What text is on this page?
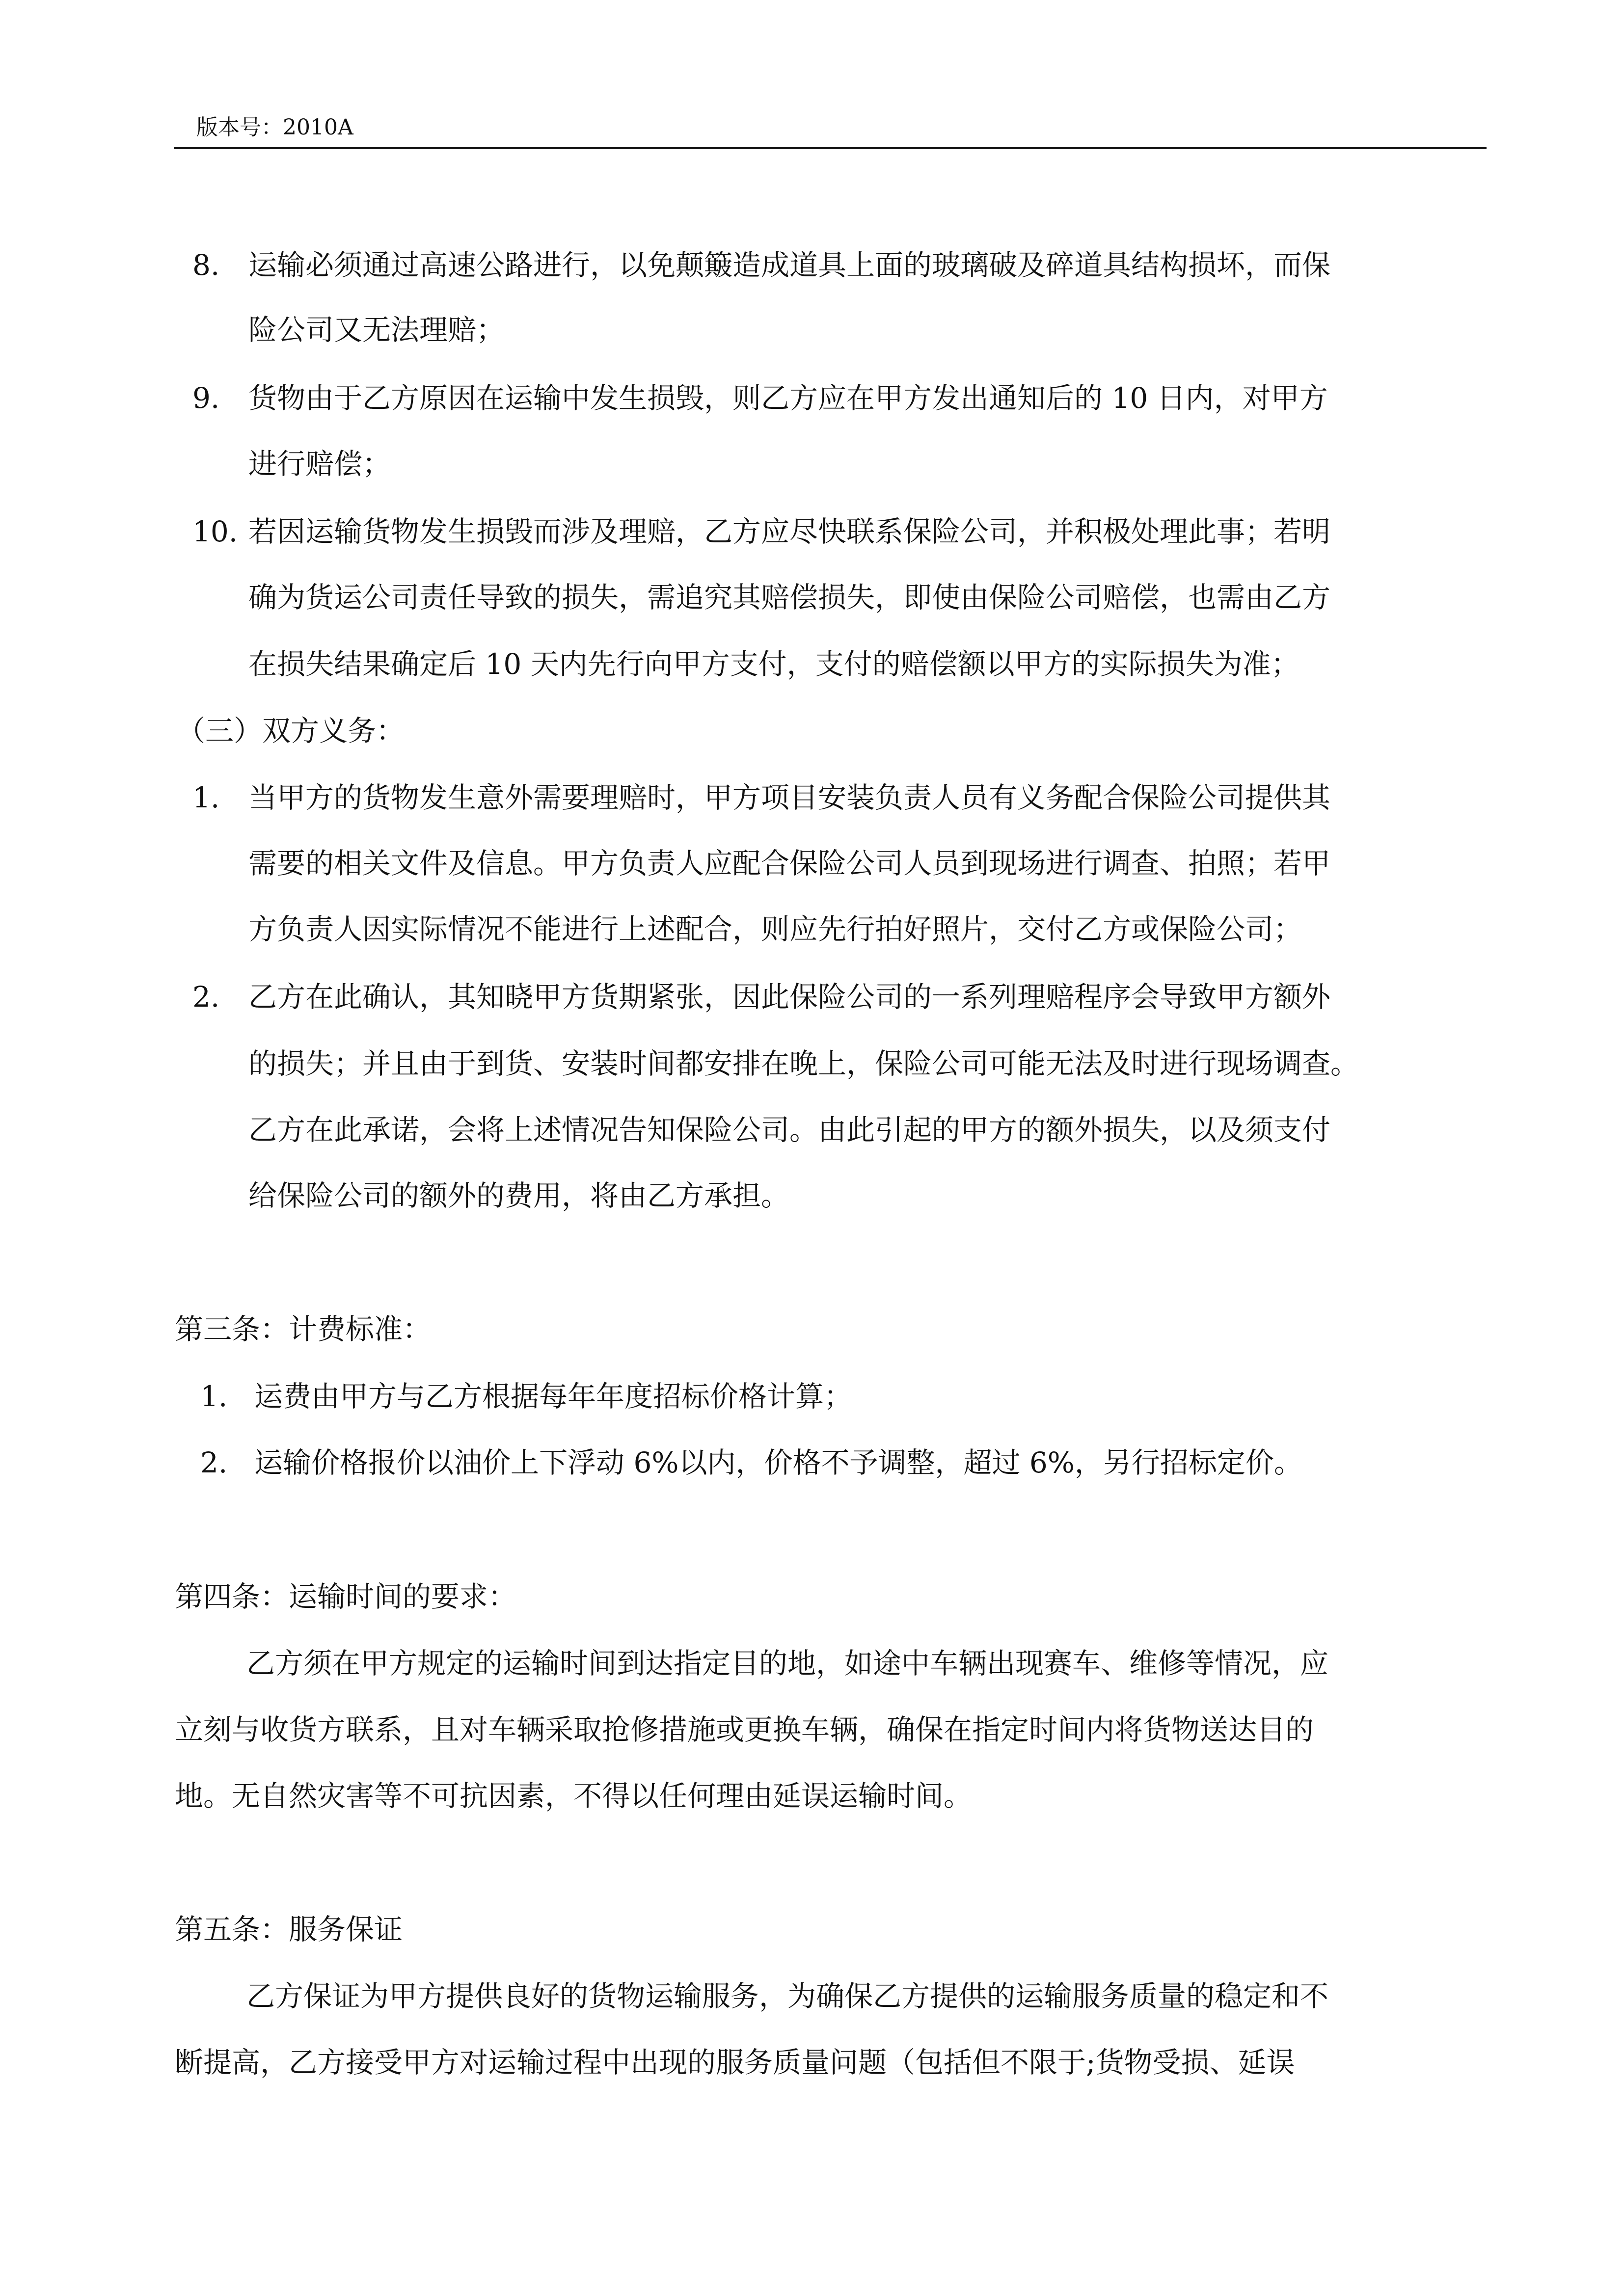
版本号：2010A
8. 运输必须通过高速公路进行，以免颠簸造成道具上面的玻璃破及碎道具结构损坏，而保
险公司又无法理赔；
9. 货物由于乙方原因在运输中发生损毁，则乙方应在甲方发出通知后的 10 日内，对甲方
进行赔偿；
10. 若因运输货物发生损毁而涉及理赔，乙方应尽快联系保险公司，并积极处理此事；若明
确为货运公司责任导致的损失，需追究其赔偿损失，即使由保险公司赔偿，也需由乙方
在损失结果确定后 10 天内先行向甲方支付，支付的赔偿额以甲方的实际损失为准；
（三）双方义务：
1. 当甲方的货物发生意外需要理赔时，甲方项目安装负责人员有义务配合保险公司提供其
需要的相关文件及信息。甲方负责人应配合保险公司人员到现场进行调查、拍照；若甲
方负责人因实际情况不能进行上述配合，则应先行拍好照片，交付乙方或保险公司；
2. 乙方在此确认，其知晓甲方货期紧张，因此保险公司的一系列理赔程序会导致甲方额外
的损失；并且由于到货、安装时间都安排在晚上，保险公司可能无法及时进行现场调查。
乙方在此承诺，会将上述情况告知保险公司。由此引起的甲方的额外损失，以及须支付
给保险公司的额外的费用，将由乙方承担。
第三条：计费标准：
1. 运费由甲方与乙方根据每年年度招标价格计算；
2. 运输价格报价以油价上下浮动 6%以内，价格不予调整，超过 6%，另行招标定价。
第四条：运输时间的要求：
乙方须在甲方规定的运输时间到达指定目的地，如途中车辆出现赛车、维修等情况，应
立刻与收货方联系，且对车辆采取抢修措施或更换车辆，确保在指定时间内将货物送达目的
地。无自然灾害等不可抗因素，不得以任何理由延误运输时间。
第五条：服务保证
乙方保证为甲方提供良好的货物运输服务，为确保乙方提供的运输服务质量的稳定和不
断提高，乙方接受甲方对运输过程中出现的服务质量问题（包括但不限于;货物受损、延误
